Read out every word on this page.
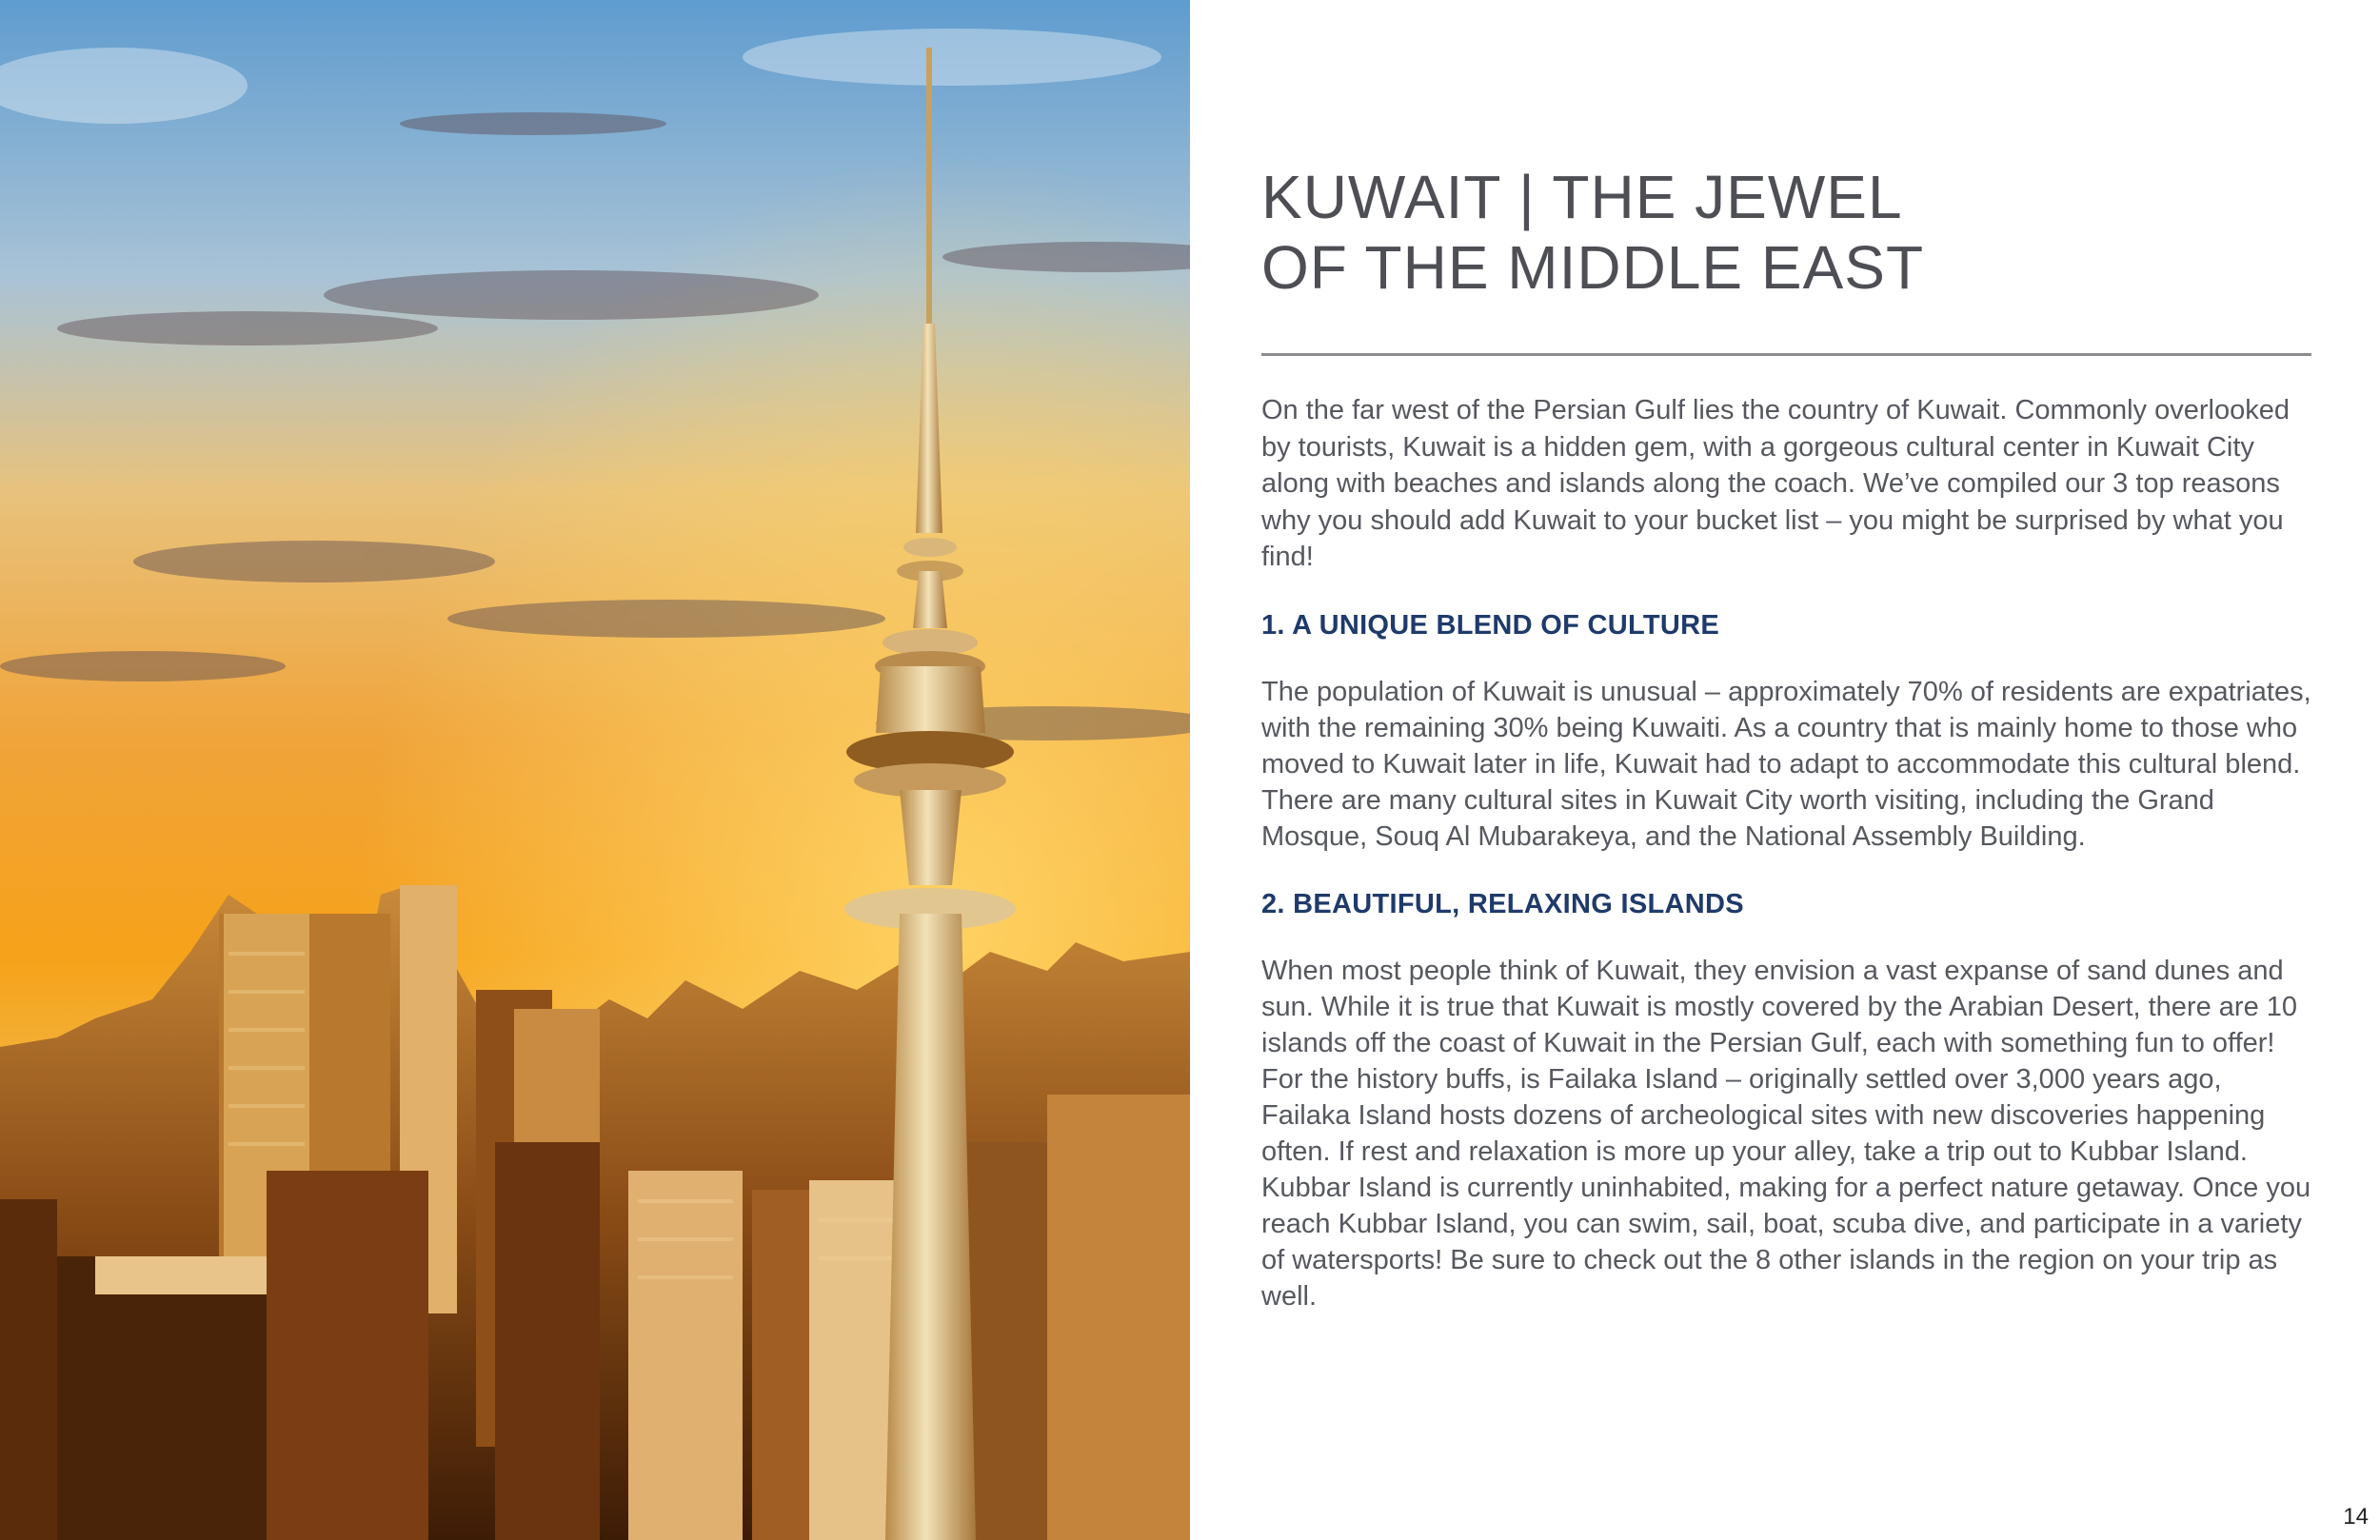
KUWAIT | THE JEWEL
OF THE MIDDLE EAST

On the far west of the Persian Gulf lies the country of Kuwait. Commonly overlooked by tourists, Kuwait is a hidden gem, with a gorgeous cultural center in Kuwait City along with beaches and islands along the coach. We’ve compiled our 3 top reasons why you should add Kuwait to your bucket list – you might be surprised by what you find!

1. A UNIQUE BLEND OF CULTURE

The population of Kuwait is unusual – approximately 70% of residents are expatriates, with the remaining 30% being Kuwaiti. As a country that is mainly home to those who moved to Kuwait later in life, Kuwait had to adapt to accommodate this cultural blend. There are many cultural sites in Kuwait City worth visiting, including the Grand Mosque, Souq Al Mubarakeya, and the National Assembly Building.

2. BEAUTIFUL, RELAXING ISLANDS

When most people think of Kuwait, they envision a vast expanse of sand dunes and sun. While it is true that Kuwait is mostly covered by the Arabian Desert, there are 10 islands off the coast of Kuwait in the Persian Gulf, each with something fun to offer! For the history buffs, is Failaka Island – originally settled over 3,000 years ago, Failaka Island hosts dozens of archeological sites with new discoveries happening often. If rest and relaxation is more up your alley, take a trip out to Kubbar Island. Kubbar Island is currently uninhabited, making for a perfect nature getaway. Once you reach Kubbar Island, you can swim, sail, boat, scuba dive, and participate in a variety of watersports! Be sure to check out the 8 other islands in the region on your trip as well.

14
